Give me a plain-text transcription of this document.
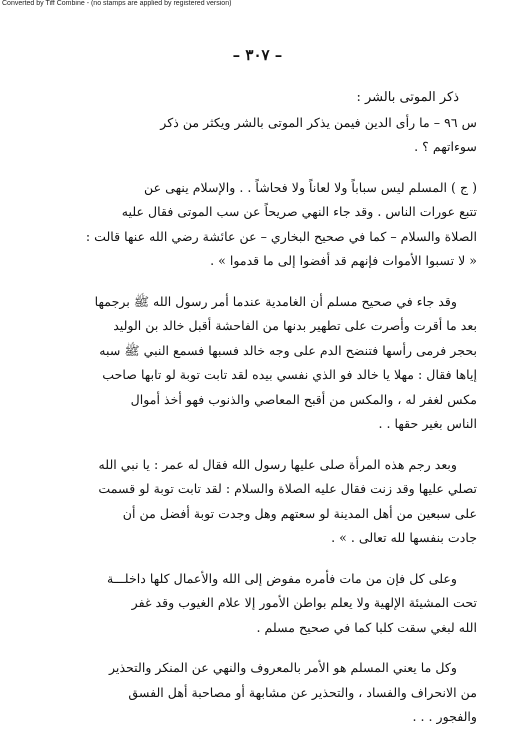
Converted by Tiff Combine - (no stamps are applied by registered version)
– ٣٠٧ –
ذكر الموتى بالشر :
س ٩٦ – ما رأى الدين فيمن يذكر الموتى بالشر ويكثر من ذكر
سوءاتهم ؟ .
( ج ) المسلم ليس سباباً ولا لعاناً ولا فحاشاً . . والإسلام ينهى عن
تتبع عورات الناس . وقد جاء النهي صريحاً عن سب الموتى فقال عليه
الصلاة والسلام – كما في صحيح البخاري – عن عائشة رضي الله عنها قالت :
« لا تسبوا الأموات فإنهم قد أفضوا إلى ما قدموا » .
وقد جاء في صحيح مسلم أن الغامدية عندما أمر رسول الله ﷺ برجمها
بعد ما أقرت وأصرت على تطهير بدنها من الفاحشة أقبل خالد بن الوليد
بحجر فرمى رأسها فتنضح الدم على وجه خالد فسبها فسمع النبي ﷺ سبه
إياها فقال : مهلا يا خالد فو الذي نفسي بيده لقد تابت توبة لو تابها صاحب
مكس لغفر له ، والمكس من أقبح المعاصي والذنوب فهو أخذ أموال
الناس بغير حقها . .
وبعد رجم هذه المرأة صلى عليها رسول الله فقال له عمر : يا نبي الله
تصلي عليها وقد زنت فقال عليه الصلاة والسلام : لقد تابت توبة لو قسمت
على سبعين من أهل المدينة لو سعتهم وهل وجدت توبة أفضل من أن
جادت بنفسها لله تعالى . » .
وعلى كل فإن من مات فأمره مفوض إلى الله والأعمال كلها داخلـــة
تحت المشيئة الإلهية ولا يعلم بواطن الأمور إلا علام الغيوب وقد غفر
الله لبغي سقت كلبا كما في صحيح مسلم .
وكل ما يعني المسلم هو الأمر بالمعروف والنهي عن المنكر والتحذير
من الانحراف والفساد ، والتحذير عن مشابهة أو مصاحبة أهل الفسق
والفجور . . .
